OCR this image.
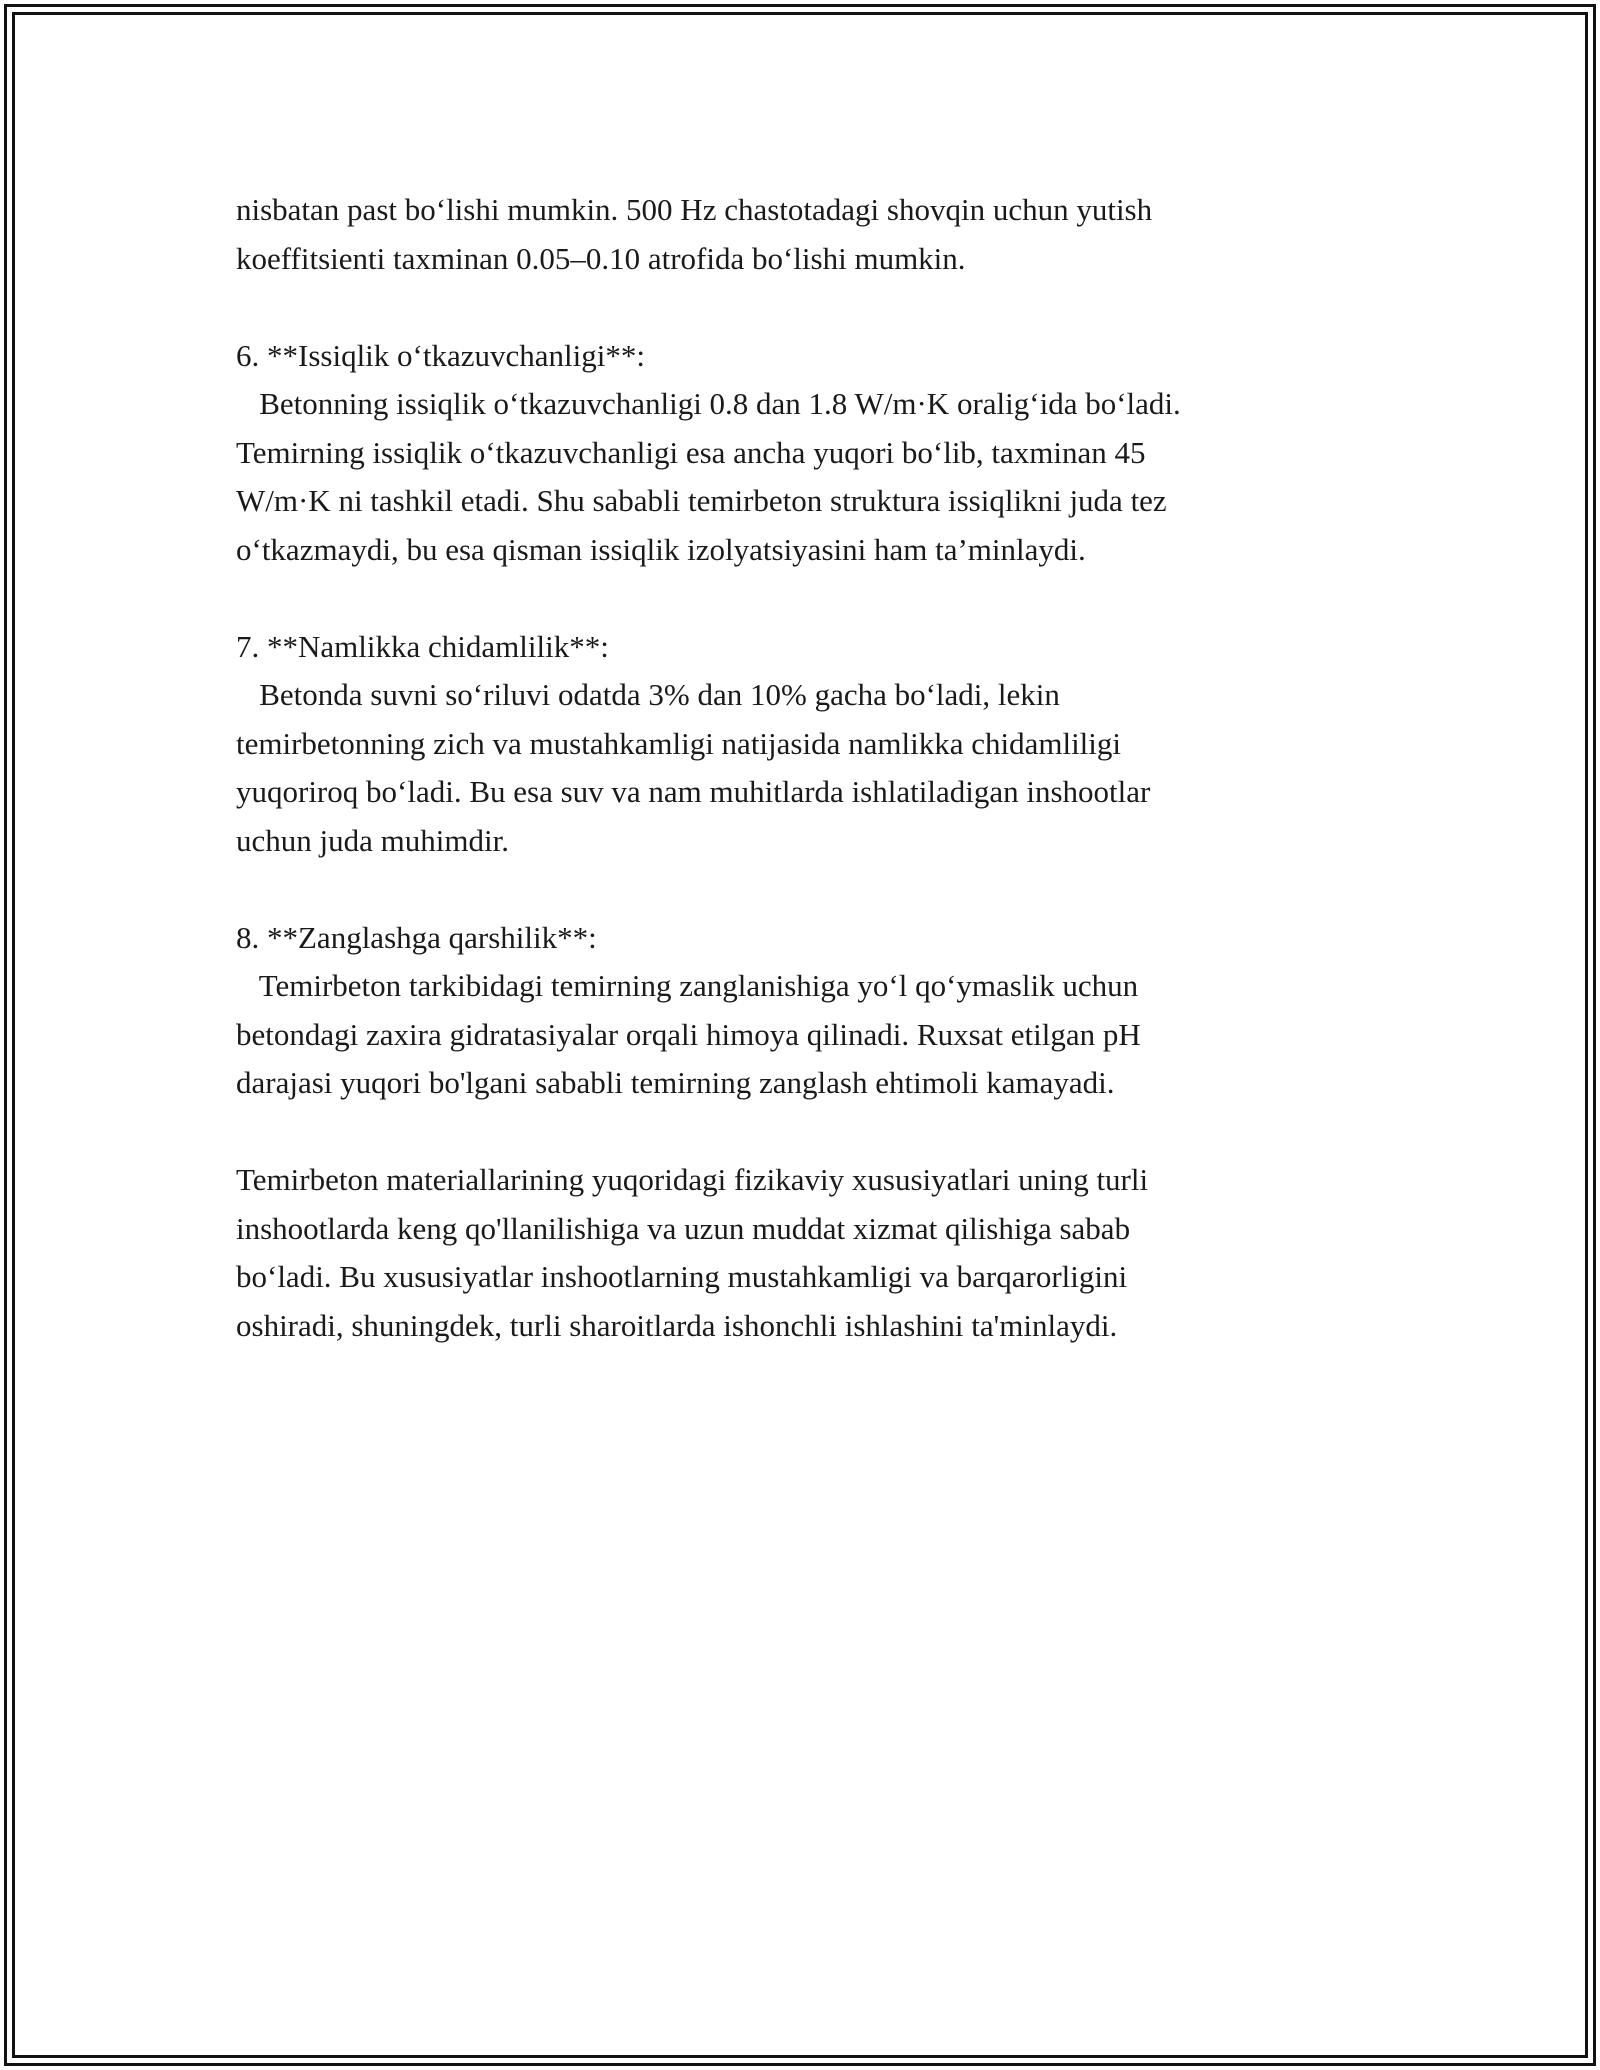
nisbatan past bo‘lishi mumkin. 500 Hz chastotadagi shovqin uchun yutish
koeffitsienti taxminan 0.05–0.10 atrofida bo‘lishi mumkin.
6. **Issiqlik o‘tkazuvchanligi**:
Betonning issiqlik o‘tkazuvchanligi 0.8 dan 1.8 W/m·K oralig‘ida bo‘ladi.
Temirning issiqlik o‘tkazuvchanligi esa ancha yuqori bo‘lib, taxminan 45
W/m·K ni tashkil etadi. Shu sababli temirbeton struktura issiqlikni juda tez
o‘tkazmaydi, bu esa qisman issiqlik izolyatsiyasini ham ta’minlaydi.
7. **Namlikka chidamlilik**:
Betonda suvni so‘riluvi odatda 3% dan 10% gacha bo‘ladi, lekin
temirbetonning zich va mustahkamligi natijasida namlikka chidamliligi
yuqoriroq bo‘ladi. Bu esa suv va nam muhitlarda ishlatiladigan inshootlar
uchun juda muhimdir.
8. **Zanglashga qarshilik**:
Temirbeton tarkibidagi temirning zanglanishiga yo‘l qo‘ymaslik uchun
betondagi zaxira gidratasiyalar orqali himoya qilinadi. Ruxsat etilgan pH
darajasi yuqori bo'lgani sababli temirning zanglash ehtimoli kamayadi.
Temirbeton materiallarining yuqoridagi fizikaviy xususiyatlari uning turli
inshootlarda keng qo'llanilishiga va uzun muddat xizmat qilishiga sabab
bo‘ladi. Bu xususiyatlar inshootlarning mustahkamligi va barqarorligini
oshiradi, shuningdek, turli sharoitlarda ishonchli ishlashini ta'minlaydi.
